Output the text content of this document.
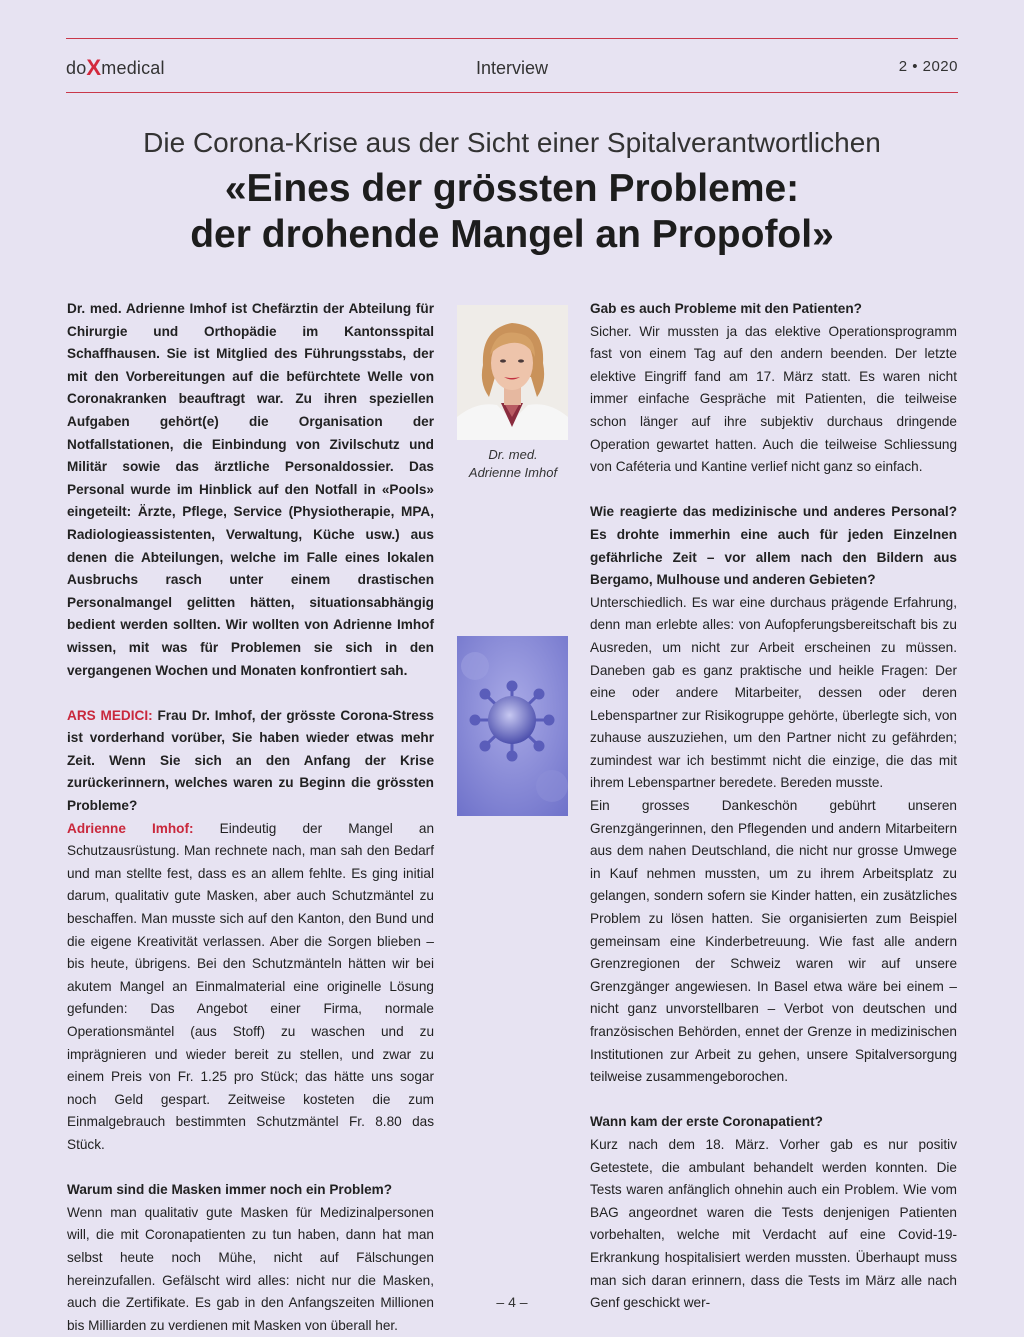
doXmedical	Interview	2 • 2020
Die Corona-Krise aus der Sicht einer Spitalverantwortlichen
«Eines der grössten Probleme:
der drohende Mangel an Propofol»

Dr. med. Adrienne Imhof ist Chefärztin der Abteilung für Chirurgie und Orthopädie im Kantonsspital Schaffhausen. Sie ist Mitglied des Führungsstabs, der mit den Vorbereitungen auf die befürchtete Welle von Coronakranken beauftragt war. Zu ihren speziellen Aufgaben gehört(e) die Organisation der Notfallstationen, die Einbindung von Zivilschutz und Militär sowie das ärztliche Personaldossier. Das Personal wurde im Hinblick auf den Notfall in «Pools» eingeteilt: Ärzte, Pflege, Service (Physiotherapie, MPA, Radiologieassistenten, Verwaltung, Küche usw.) aus denen die Abteilungen, welche im Falle eines lokalen Ausbruchs rasch unter einem drastischen Personalmangel gelitten hätten, situationsabhängig bedient werden sollten. Wir wollten von Adrienne Imhof wissen, mit was für Problemen sie sich in den vergangenen Wochen und Monaten konfrontiert sah.

ARS MEDICI: Frau Dr. Imhof, der grösste Corona-Stress ist vorderhand vorüber, Sie haben wieder etwas mehr Zeit. Wenn Sie sich an den Anfang der Krise zurückerinnern, welches waren zu Beginn die grössten Probleme?

Adrienne Imhof: Eindeutig der Mangel an Schutzausrüstung. Man rechnete nach, man sah den Bedarf und man stellte fest, dass es an allem fehlte. Es ging initial darum, qualitativ gute Masken, aber auch Schutzmäntel zu beschaffen. Man musste sich auf den Kanton, den Bund und die eigene Kreativität verlassen. Aber die Sorgen blieben – bis heute, übrigens. Bei den Schutzmänteln hätten wir bei akutem Mangel an Einmalmaterial eine originelle Lösung gefunden: Das Angebot einer Firma, normale Operationsmäntel (aus Stoff) zu waschen und zu imprägnieren und wieder bereit zu stellen, und zwar zu einem Preis von Fr. 1.25 pro Stück; das hätte uns sogar noch Geld gespart. Zeitweise kosteten die zum Einmalgebrauch bestimmten Schutzmäntel Fr. 8.80 das Stück.

Warum sind die Masken immer noch ein Problem?

Wenn man qualitativ gute Masken für Medizinalpersonen will, die mit Coronapatienten zu tun haben, dann hat man selbst heute noch Mühe, nicht auf Fälschungen hereinzufallen. Gefälscht wird alles: nicht nur die Masken, auch die Zertifikate. Es gab in den Anfangszeiten Millionen bis Milliarden zu verdienen mit Masken von überall her.

Dr. med.
Adrienne Imhof

Gab es auch Probleme mit den Patienten?

Sicher. Wir mussten ja das elektive Operationsprogramm fast von einem Tag auf den andern beenden. Der letzte elektive Eingriff fand am 17. März statt. Es waren nicht immer einfache Gespräche mit Patienten, die teilweise schon länger auf ihre subjektiv durchaus dringende Operation gewartet hatten. Auch die teilweise Schliessung von Caféteria und Kantine verlief nicht ganz so einfach.

Wie reagierte das medizinische und anderes Personal? Es drohte immerhin eine auch für jeden Einzelnen gefährliche Zeit – vor allem nach den Bildern aus Bergamo, Mulhouse und anderen Gebieten?

Unterschiedlich. Es war eine durchaus prägende Erfahrung, denn man erlebte alles: von Aufopferungsbereitschaft bis zu Ausreden, um nicht zur Arbeit erscheinen zu müssen. Daneben gab es ganz praktische und heikle Fragen: Der eine oder andere Mitarbeiter, dessen oder deren Lebenspartner zur Risikogruppe gehörte, überlegte sich, von zuhause auszuziehen, um den Partner nicht zu gefährden; zumindest war ich bestimmt nicht die einzige, die das mit ihrem Lebenspartner beredete. Bereden musste.

Ein grosses Dankeschön gebührt unseren Grenzgängerinnen, den Pflegenden und andern Mitarbeitern aus dem nahen Deutschland, die nicht nur grosse Umwege in Kauf nehmen mussten, um zu ihrem Arbeitsplatz zu gelangen, sondern sofern sie Kinder hatten, ein zusätzliches Problem zu lösen hatten. Sie organisierten zum Beispiel gemeinsam eine Kinderbetreuung. Wie fast alle andern Grenzregionen der Schweiz waren wir auf unsere Grenzgänger angewiesen. In Basel etwa wäre bei einem – nicht ganz unvorstellbaren – Verbot von deutschen und französischen Behörden, ennet der Grenze in medizinischen Institutionen zur Arbeit zu gehen, unsere Spitalversorgung teilweise zusammengeborochen.

Wann kam der erste Coronapatient?

Kurz nach dem 18. März. Vorher gab es nur positiv Getestete, die ambulant behandelt werden konnten. Die Tests waren anfänglich ohnehin auch ein Problem. Wie vom BAG angeordnet waren die Tests denjenigen Patienten vorbehalten, welche mit Verdacht auf eine Covid-19-Erkrankung hospitalisiert werden mussten. Überhaupt muss man sich daran erinnern, dass die Tests im März alle nach Genf geschickt wer-

– 4 –
